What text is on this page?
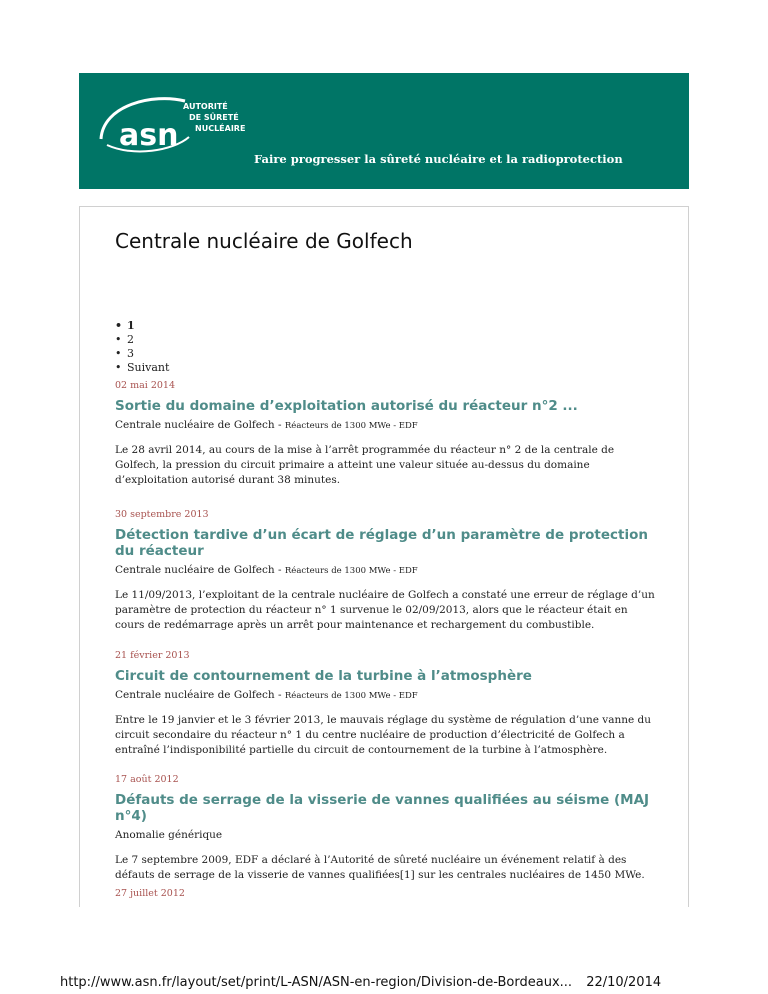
asn
AUTORITÉ
DE SÛRETÉ
NUCLÉAIRE
Faire progresser la sûreté nucléaire et la radioprotection
Centrale nucléaire de Golfech
• 1
• 2
• 3
• Suivant

02 mai 2014

Sortie du domaine d’exploitation autorisé du réacteur n°2 ...

Centrale nucléaire de Golfech - Réacteurs de 1300 MWe - EDF

Le 28 avril 2014, au cours de la mise à l’arrêt programmée du réacteur n° 2 de la centrale de Golfech, la pression du circuit primaire a atteint une valeur située au-dessus du domaine d’exploitation autorisé durant 38 minutes.

30 septembre 2013

Détection tardive d’un écart de réglage d’un paramètre de protection du réacteur

Centrale nucléaire de Golfech - Réacteurs de 1300 MWe - EDF

Le 11/09/2013, l’exploitant de la centrale nucléaire de Golfech a constaté une erreur de réglage d’un paramètre de protection du réacteur n° 1 survenue le 02/09/2013, alors que le réacteur était en cours de redémarrage après un arrêt pour maintenance et rechargement du combustible.

21 février 2013

Circuit de contournement de la turbine à l’atmosphère

Centrale nucléaire de Golfech - Réacteurs de 1300 MWe - EDF

Entre le 19 janvier et le 3 février 2013, le mauvais réglage du système de régulation d’une vanne du circuit secondaire du réacteur n° 1 du centre nucléaire de production d’électricité de Golfech a entraîné l’indisponibilité partielle du circuit de contournement de la turbine à l’atmosphère.

17 août 2012

Défauts de serrage de la visserie de vannes qualifiées au séisme (MAJ n°4)

Anomalie générique

Le 7 septembre 2009, EDF a déclaré à l’Autorité de sûreté nucléaire un événement relatif à des défauts de serrage de la visserie de vannes qualifiées[1] sur les centrales nucléaires de 1450 MWe.

27 juillet 2012

http://www.asn.fr/layout/set/print/L-ASN/ASN-en-region/Division-de-Bordeaux... 22/10/2014
